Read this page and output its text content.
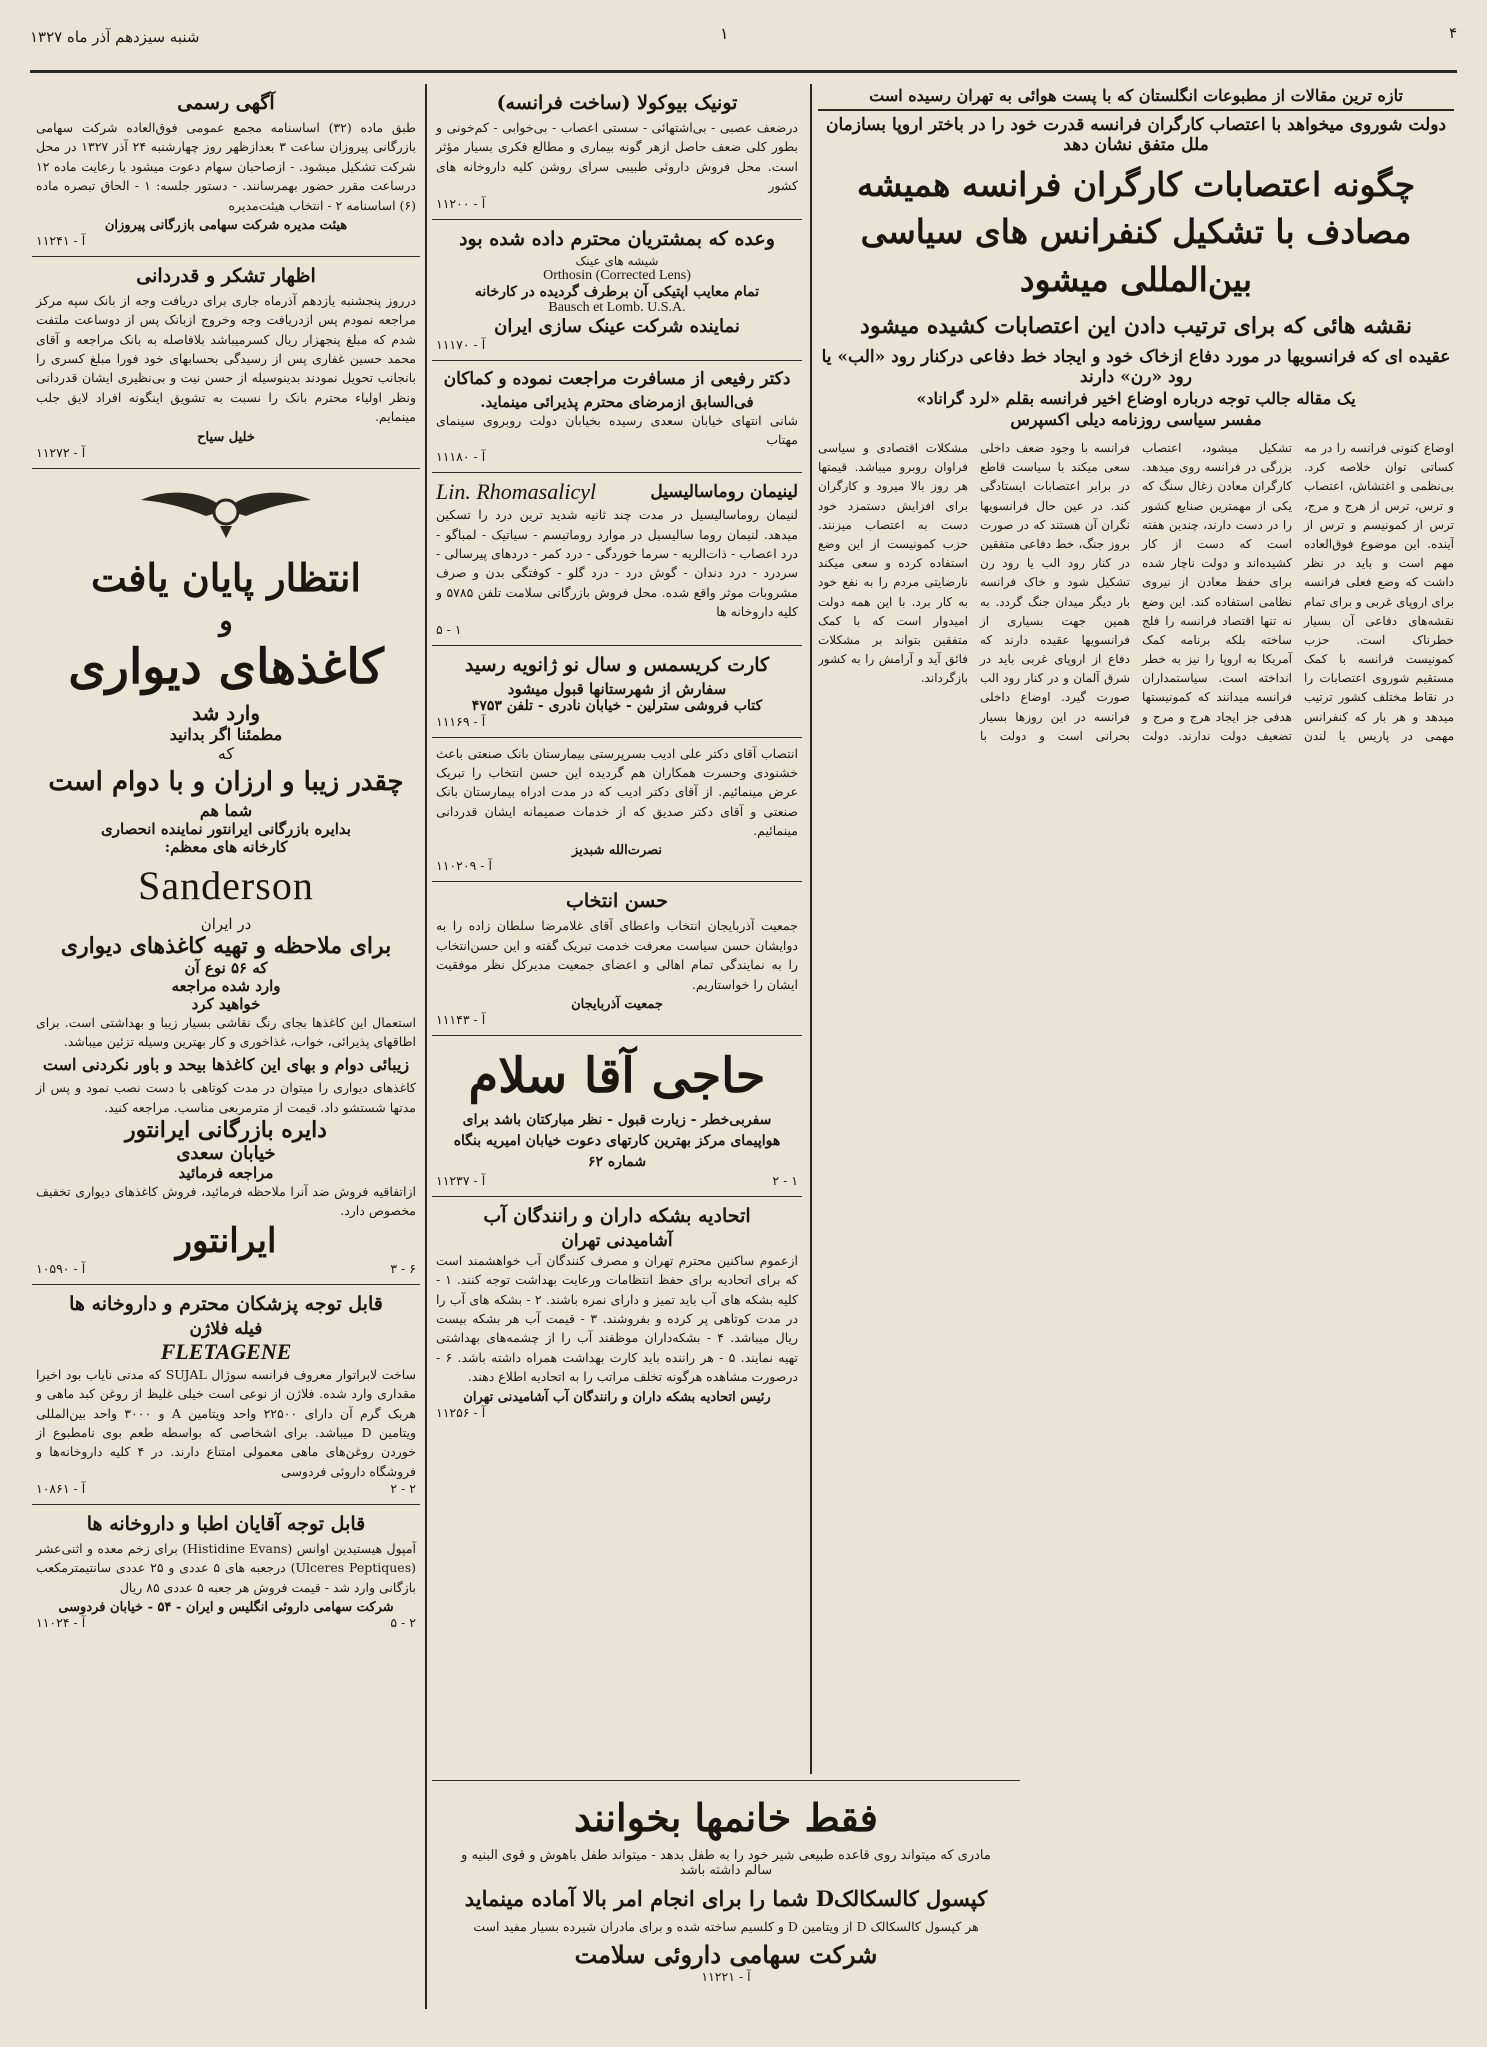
شنبه سیزدهم آذر ماه ۱۳۲۷	۱	۴
آگهی رسمی
طبق ماده (۳۲) اساسنامه مجمع عمومی فوق‌العاده شرکت سهامی بازرگانی پیروزان ساعت ۳ بعدازظهر روز چهارشنبه ۲۴ آذر ۱۳۲۷ در محل شرکت تشکیل میشود. - ازصاحبان سهام دعوت میشود با رعایت ماده ۱۲ درساعت مقرر حضور بهمرسانند. - دستور جلسه: ۱ - الحاق تبصره ماده (۶) اساسنامه ۲ - انتخاب هیئت‌مدیره
هیئت مدیره شرکت سهامی بازرگانی پیروزان
آ - ۱۱۲۴۱
اظهار تشکر و قدردانی
درروز پنجشنبه یازدهم آذرماه جاری برای دریافت وجه از بانک سپه مرکز مراجعه نمودم پس ازدریافت وجه وخروج ازبانک پس از دوساعت ملتفت شدم که مبلغ پنجهزار ریال کسرمیباشد بلافاصله به بانک مراجعه و آقای محمد حسین غفاری پس از رسیدگی بحسابهای خود فورا مبلغ کسری را بانجانب تحویل نمودند بدینوسیله از حسن نیت و بی‌نظیری ایشان قدردانی ونظر اولیاء محترم بانک را نسبت به تشویق اینگونه افراد لایق جلب مینمایم.
خلیل سیاح
آ - ۱۱۲۷۲
انتظار پایان یافت
و
کاغذهای دیواری
وارد شد
مطمئنا اگر بدانید
که
چقدر زیبا و ارزان و با دوام است
شما هم
بدایره بازرگانی ایرانتور نماینده انحصاری
کارخانه های معظم:
Sanderson
در ایران
برای ملاحظه و تهیه کاغذهای دیواری
که ۵۶ نوع آن
وارد شده مراجعه
خواهید کرد
استعمال این کاغذها بجای رنگ نقاشی بسیار زیبا و بهداشتی است. برای اطاقهای پذیرائی، خواب، غذاخوری و کار بهترین وسیله تزئین میباشد.
زیبائی دوام و بهای این کاغذها بیحد و باور نکردنی است
کاغذهای دیواری را میتوان در مدت کوتاهی با دست نصب نمود و پس از مدتها شستشو داد. قیمت از مترمربعی مناسب. مراجعه کنید.
دایره بازرگانی ایرانتور
خیابان سعدی
مراجعه فرمائید
ازاتفاقیه فروش ضد آنرا ملاحظه فرمائید، فروش کاغذهای دیواری تخفیف مخصوص دارد.
ایرانتور
آ - ۱۰۵۹۰	۳ - ۶
قابل توجه پزشکان محترم و داروخانه ها
فیله فلاژن
FLETAGENE
ساخت لابراتوار معروف فرانسه سوژال SUJAL که مدتی نایاب بود اخیرا مقداری وارد شده. فلاژن از نوعی است خیلی غلیظ از روغن کبد ماهی و هربک گرم آن دارای ۲۲۵۰۰ واحد ویتامین A و ۳۰۰۰ واحد بین‌المللی ویتامین D میباشد. برای اشخاصی که بواسطه طعم بوی نامطبوع از خوردن روغن‌های ماهی معمولی امتناع دارند. در ۴ کلیه داروخانه‌ها و فروشگاه داروئی فردوسی
آ - ۱۰۸۶۱	۲ - ۲
قابل توجه آقایان اطبا و داروخانه ها
آمپول هیستیدین اوانس (Histidine Evans) برای زخم معده و اثنی‌عشر (Ulceres Peptiques) درجعبه های ۵ عددی و ۲۵ عددی سانتیمترمکعب بازگانی وارد شد - قیمت فروش هر جعبه ۵ عددی ۸۵ ریال
شرکت سهامی داروئی انگلیس و ایران - ۵۴ - خیابان فردوسی
آ - ۱۱۰۲۴	۵ - ۲
تونیک بیوکولا (ساخت فرانسه)
درضعف عصبی - بی‌اشتهائی - سستی اعصاب - بی‌خوابی - کم‌خونی و بطور کلی ضعف حاصل ازهر گونه بیماری و مطالع فکری بسیار مؤثر است. محل فروش داروئی طبیبی سرای روشن کلیه داروخانه های کشور
آ - ۱۱۲۰۰
وعده که بمشتریان محترم داده شده بود
شیشه های عینک
Orthosin (Corrected Lens)
تمام معایب اپتیکی آن برطرف گردیده در کارخانه
Bausch et Lomb. U.S.A.
نماینده شرکت عینک سازی ایران
آ - ۱۱۱۷۰
دکتر رفیعی از مسافرت مراجعت نموده و کماکان
فی‌السابق ازمرضای محترم پذیرائی مینماید.
شانی انتهای خیابان سعدی رسیده بخیابان دولت روبروی سینمای مهتاب
آ - ۱۱۱۸۰
لینیمان روماسالیسیل
Lin. Rhomasalicyl
لنیمان روماسالیسیل در مدت چند ثانیه شدید ترین درد را تسکین میدهد. لنیمان روما سالیسیل در موارد روماتیسم - سیاتیک - لمباگو - درد اعصاب - ذات‌الریه - سرما خوردگی - درد کمر - دردهای پیرسالی - سردرد - درد دندان - گوش درد - درد گلو - کوفتگی بدن و صرف مشروبات موثر واقع شده. محل فروش بازرگانی سلامت تلفن ۵۷۸۵ و کلیه داروخانه ها
۵ - ۱
کارت کریسمس و سال نو ژانویه رسید
سفارش از شهرستانها قبول میشود
کتاب فروشی سترلین - خیابان نادری - تلفن ۴۷۵۳
آ - ۱۱۱۶۹
انتصاب آقای دکتر علی ادیب بسرپرستی بیمارستان بانک صنعتی باعث خشنودی وحسرت همکاران هم گردیده این حسن انتخاب را تبریک عرض مینمائیم. از آقای دکتر ادیب که در مدت ادراه بیمارستان بانک صنعتی و آقای دکتر صدیق که از خدمات صمیمانه ایشان قدردانی مینمائیم.
نصرت‌الله شبدیز
آ - ۱۱۰۲۰۹
حسن انتخاب
جمعیت آذربایجان انتخاب واعطای آقای غلامرضا سلطان زاده را به دوایشان حسن سیاست معرفت خدمت تبریک گفته و این حسن‌انتخاب را به نمایندگی تمام اهالی و اعضای جمعیت مدیرکل نظر موفقیت ایشان را خواستاریم.
جمعیت آذربایجان
آ - ۱۱۱۴۳
حاجی آقا سلام
سفربی‌خطر - زیارت قبول - نظر مبارکتان باشد برای هواپیمای مرکز بهترین کارتهای دعوت خیابان امیریه بنگاه شماره ۶۲
آ - ۱۱۲۳۷	۲ - ۱
اتحادیه بشکه داران و رانندگان آب
آشامیدنی تهران
ازعموم ساکنین محترم تهران و مصرف کنندگان آب خواهشمند است که برای اتحادیه برای حفظ انتظامات ورعایت بهداشت توجه کنند. ۱ - کلیه بشکه های آب باید تمیز و دارای نمره باشند. ۲ - بشکه های آب را در مدت کوتاهی پر کرده و بفروشند. ۳ - قیمت آب هر بشکه بیست ریال میباشد. ۴ - بشکه‌داران موظفند آب را از چشمه‌های بهداشتی تهیه نمایند. ۵ - هر راننده باید کارت بهداشت همراه داشته باشد. ۶ - درصورت مشاهده هرگونه تخلف مراتب را به اتحادیه اطلاع دهند.
رئیس اتحادیه بشکه داران و رانندگان آب آشامیدنی تهران
آ - ۱۱۲۵۶
تازه ترین مقالات از مطبوعات انگلستان که با پست هوائی به تهران رسیده است
دولت شوروی میخواهد با اعتصاب کارگران فرانسه قدرت خود را در باختر اروپا بسازمان ملل متفق نشان دهد
چگونه اعتصابات کارگران فرانسه همیشه مصادف با تشکیل کنفرانس های سیاسی بین‌المللی میشود
نقشه هائی که برای ترتیب دادن این اعتصابات کشیده میشود
عقیده ای که فرانسویها در مورد دفاع ازخاک خود و ایجاد خط دفاعی درکنار رود «الب» یا رود «رن» دارند
یک مقاله جالب توجه درباره اوضاع اخیر فرانسه بقلم «لرد گراناد»
مفسر سیاسی روزنامه دیلی اکسپرس
اوضاع کنونی فرانسه را در مه کساتی توان خلاصه کرد. بی‌نظمی و اغتشاش، اعتصاب و ترس، ترس از هرج و مرج، ترس از کمونیسم و ترس از آینده. این موضوع فوق‌العاده مهم است و باید در نظر داشت که وضع فعلی فرانسه برای اروپای غربی و برای تمام نقشه‌های دفاعی آن بسیار خطرناک است. حزب کمونیست فرانسه با کمک مستقیم شوروی اعتصابات را در نقاط مختلف کشور ترتیب میدهد و هر بار که کنفرانس مهمی در پاریس یا لندن تشکیل میشود، اعتصاب بزرگی در فرانسه روی میدهد. کارگران معادن زغال سنگ که یکی از مهمترین صنایع کشور را در دست دارند، چندین هفته است که دست از کار کشیده‌اند و دولت ناچار شده برای حفظ معادن از نیروی نظامی استفاده کند. این وضع نه تنها اقتصاد فرانسه را فلج ساخته بلکه برنامه کمک آمریکا به اروپا را نیز به خطر انداخته است. سیاستمداران فرانسه میدانند که کمونیستها هدفی جز ایجاد هرج و مرج و تضعیف دولت ندارند. دولت فرانسه با وجود ضعف داخلی سعی میکند با سیاست قاطع در برابر اعتصابات ایستادگی کند. در عین حال فرانسویها نگران آن هستند که در صورت بروز جنگ، خط دفاعی متفقین در کنار رود الب یا رود رن تشکیل شود و خاک فرانسه بار دیگر میدان جنگ گردد. به همین جهت بسیاری از فرانسویها عقیده دارند که دفاع از اروپای غربی باید در شرق آلمان و در کنار رود الب صورت گیرد. اوضاع داخلی فرانسه در این روزها بسیار بحرانی است و دولت با مشکلات اقتصادی و سیاسی فراوان روبرو میباشد. قیمتها هر روز بالا میرود و کارگران برای افزایش دستمزد خود دست به اعتصاب میزنند. حزب کمونیست از این وضع استفاده کرده و سعی میکند نارضایتی مردم را به نفع خود به کار برد. با این همه دولت امیدوار است که با کمک متفقین بتواند بر مشکلات فائق آید و آرامش را به کشور بازگرداند.
فقط خانمها بخوانند
مادری که میتواند روی قاعده طبیعی شیر خود را به طفل بدهد - میتواند طفل باهوش و قوی البنیه و سالم داشته باشد
کپسول کالسکالکD شما را برای انجام امر بالا آماده مینماید
هر کپسول کالسکالک D از ویتامین D و کلسیم ساخته شده و برای مادران شیرده بسیار مفید است
شرکت سهامی داروئی سلامت
آ - ۱۱۲۲۱
